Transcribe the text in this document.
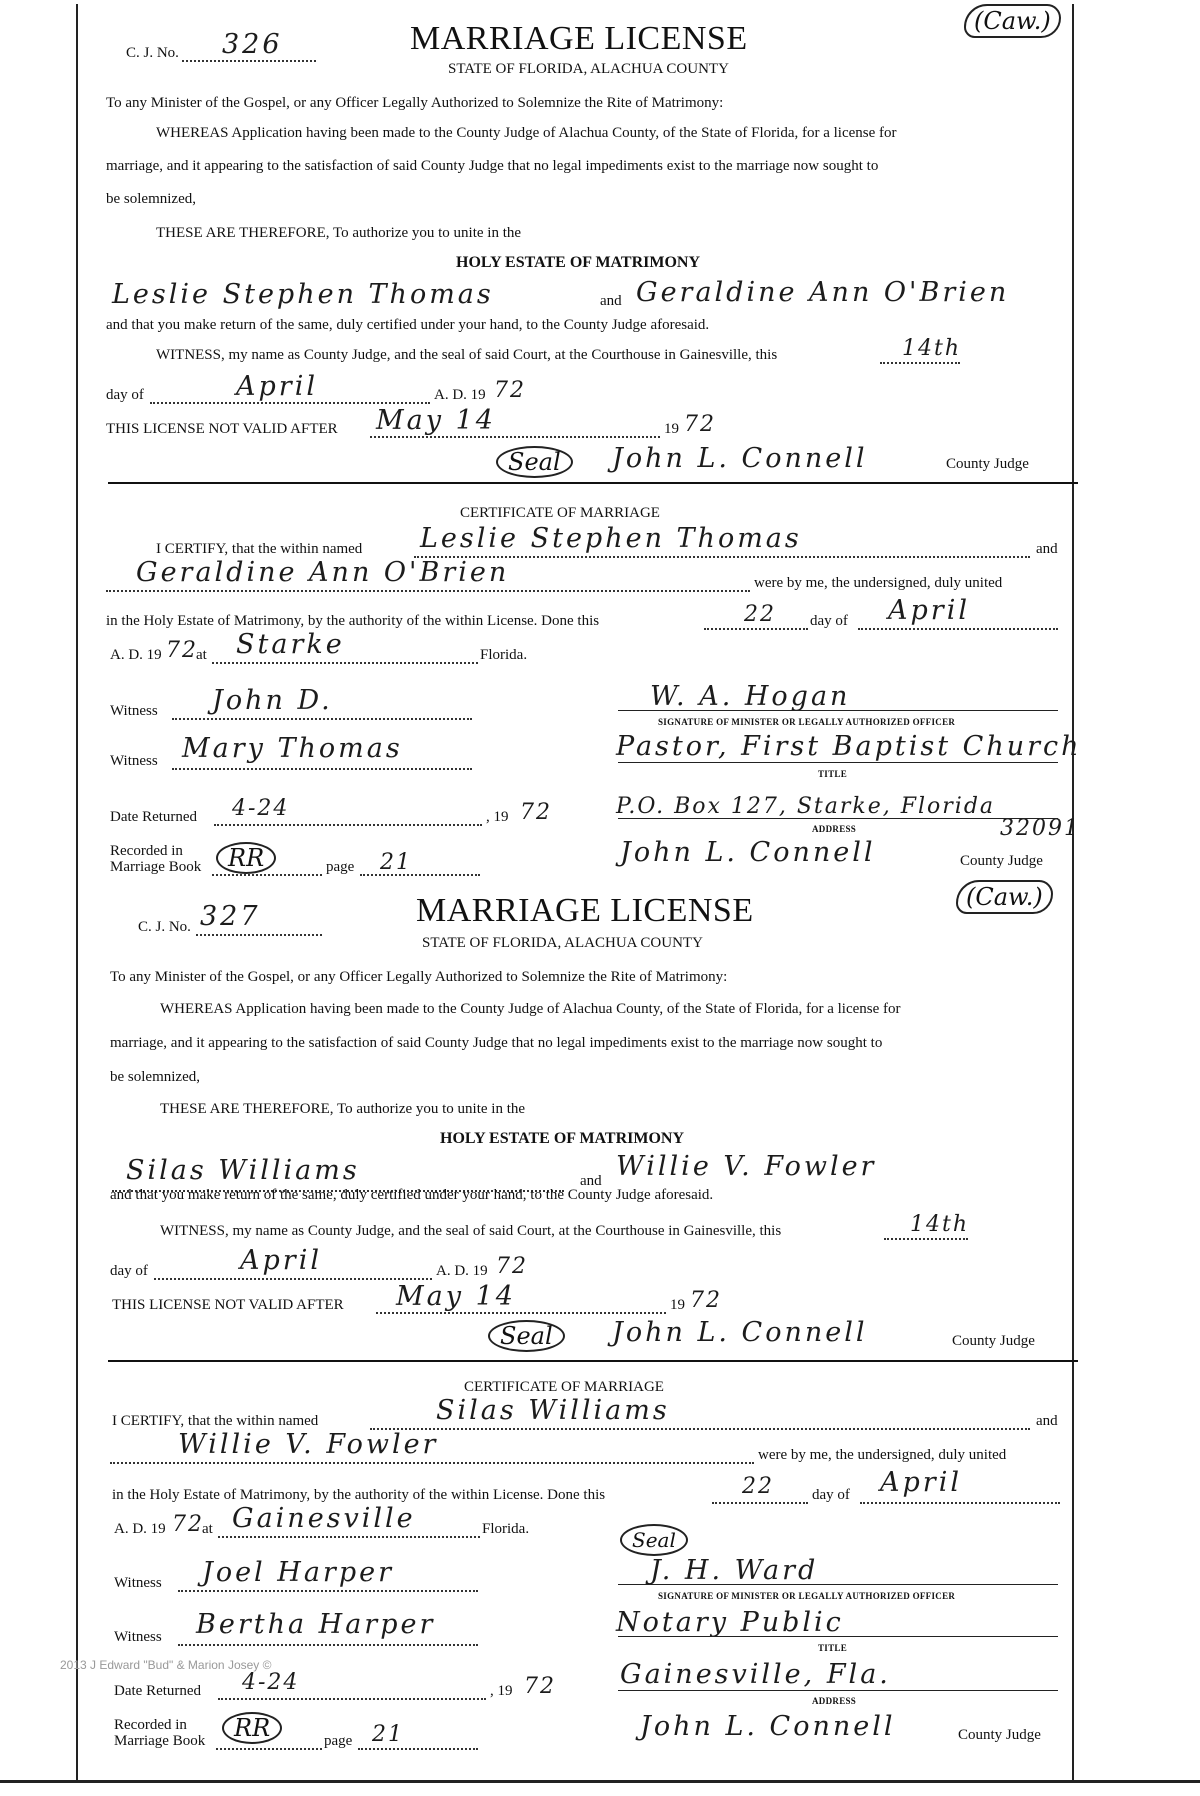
C. J. No. 326	MARRIAGE LICENSE
STATE OF FLORIDA, ALACHUA COUNTY
(Caw.)
To any Minister of the Gospel, or any Officer Legally Authorized to Solemnize the Rite of Matrimony:
WHEREAS Application having been made to the County Judge of Alachua County, of the State of Florida, for a license for
marriage, and it appearing to the satisfaction of said County Judge that no legal impediments exist to the marriage now sought to
be solemnized,
THESE ARE THEREFORE, To authorize you to unite in the
HOLY ESTATE OF MATRIMONY
Leslie Stephen Thomas	and Geraldine Ann O'Brien
and that you make return of the same, duly certified under your hand, to the County Judge aforesaid.
WITNESS, my name as County Judge, and the seal of said Court, at the Courthouse in Gainesville, this	14th
day of	April	A. D. 19 72
THIS LICENSE NOT VALID AFTER May 14	19 72
Seal	John L. Connell	County Judge
CERTIFICATE OF MARRIAGE
I CERTIFY, that the within named Leslie Stephen Thomas	and
Geraldine Ann O'Brien	were by me, the undersigned, duly united
in the Holy Estate of Matrimony, by the authority of the within License. Done this	22 day of April
A. D. 19 72
at Starke	Florida.
Witness John D.	W. A. Hogan
SIGNATURE OF MINISTER OR LEGALLY AUTHORIZED OFFICER
Witness Mary Thomas	Pastor, First Baptist Church
TITLE
Date Returned 4-24	, 19 72	P.O. Box 127, Starke, Florida
32091
ADDRESS
Recorded in
Marriage Book	RR	page 21	John L. Connell	County Judge
C. J. No. 327	MARRIAGE LICENSE
STATE OF FLORIDA, ALACHUA COUNTY
(Caw.)
To any Minister of the Gospel, or any Officer Legally Authorized to Solemnize the Rite of Matrimony:
WHEREAS Application having been made to the County Judge of Alachua County, of the State of Florida, for a license for
marriage, and it appearing to the satisfaction of said County Judge that no legal impediments exist to the marriage now sought to
be solemnized,
THESE ARE THEREFORE, To authorize you to unite in the
HOLY ESTATE OF MATRIMONY
Silas Williams	and Willie V. Fowler
and that you make return of the same, duly certified under your hand, to the County Judge aforesaid.
WITNESS, my name as County Judge, and the seal of said Court, at the Courthouse in Gainesville, this	14th
day of	April	A. D. 19 72
THIS LICENSE NOT VALID AFTER May 14	19 72
Seal	John L. Connell	County Judge
CERTIFICATE OF MARRIAGE
I CERTIFY, that the within named	Silas Williams	and
Willie V. Fowler	were by me, the undersigned, duly united
in the Holy Estate of Matrimony, by the authority of the within License. Done this	22	day of April
A. D. 19 72
at Gainesville	Florida.	Seal
Witness Joel Harper	J. H. Ward
SIGNATURE OF MINISTER OR LEGALLY AUTHORIZED OFFICER
Witness Bertha Harper	Notary Public
TITLE
Date Returned 4-24	, 19 72 Gainesville, Fla.
ADDRESS
Recorded in
Marriage Book	RR	page 21	John L. Connell	County Judge
2013 J Edward "Bud" & Marion Josey ©
